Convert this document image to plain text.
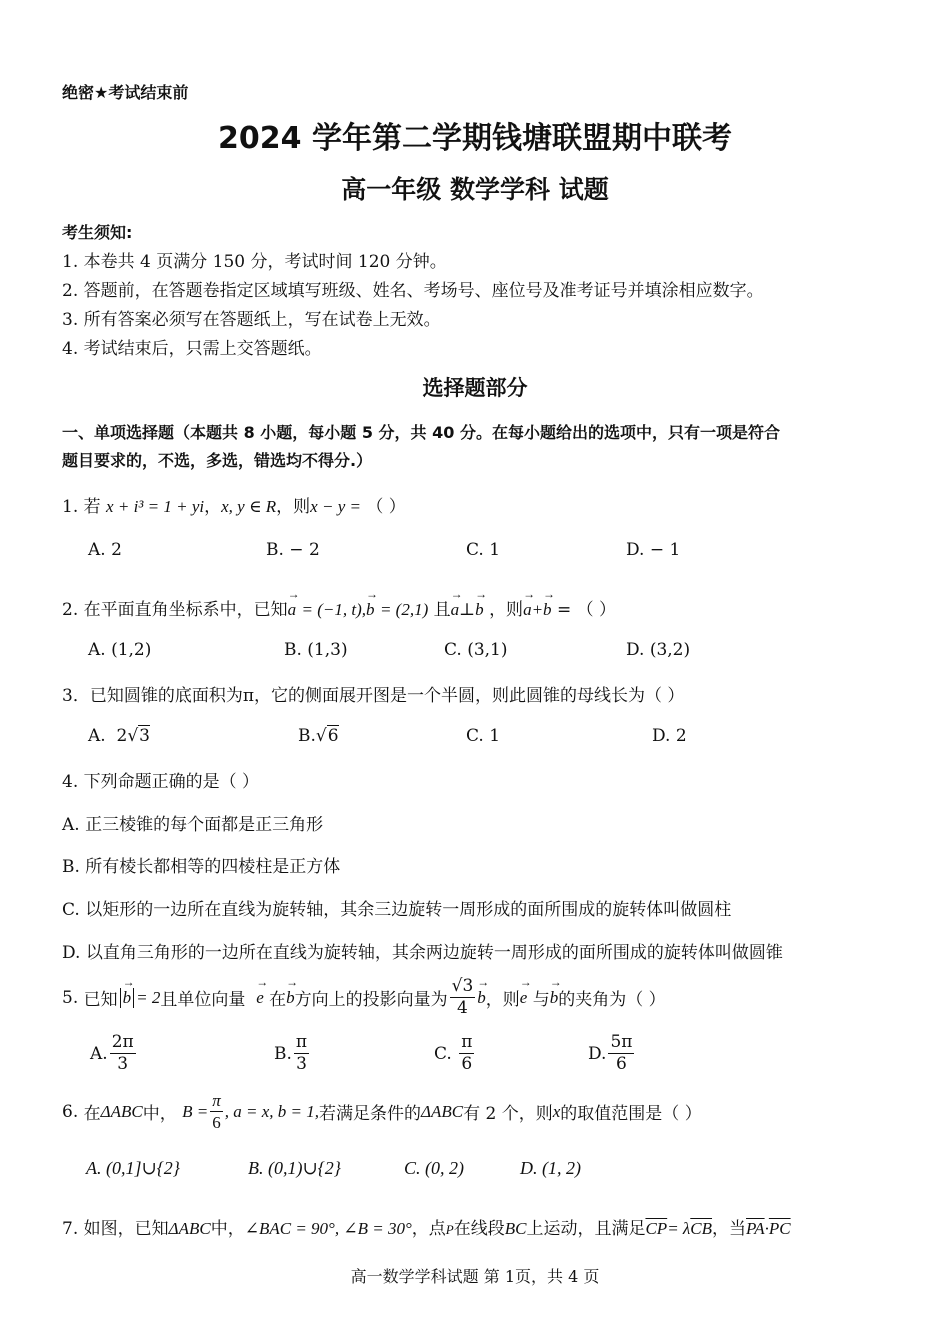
绝密★考试结束前
2024 学年第二学期钱塘联盟期中联考
高一年级 数学学科 试题
考生须知:
1. 本卷共 4 页满分 150 分，考试时间 120 分钟。
2. 答题前，在答题卷指定区域填写班级、姓名、考场号、座位号及准考证号并填涂相应数字。
3. 所有答案必须写在答题纸上，写在试卷上无效。
4. 考试结束后，只需上交答题纸。
选择题部分
一、单项选择题（本题共 8 小题，每小题 5 分，共 40 分。在每小题给出的选项中，只有一项是符合
题目要求的，不选，多选，错选均不得分.）
1. 若 x + i³ = 1 + yi，x, y ∈ R，则x − y = （ ）
A. 2	B. − 2	C. 1	D. − 1
2. 在平面直角坐标系中，已知→ a = (−1, t),→ b = (2,1) 且→ a⊥→ b ，则→ a+→ b = （ ）
A. (1,2)	B. (1,3)	C. (3,1)	D. (3,2)
3．已知圆锥的底面积为π，它的侧面展开图是一个半圆，则此圆锥的母线长为（ ）
A. 2√3	B.√6	C. 1	D. 2
4. 下列命题正确的是（ ）
A. 正三棱锥的每个面都是正三角形
B. 所有棱长都相等的四棱柱是正方体
C. 以矩形的一边所在直线为旋转轴，其余三边旋转一周形成的面所围成的旋转体叫做圆柱
D. 以直角三角形的一边所在直线为旋转轴，其余两边旋转一周形成的面所围成的旋转体叫做圆锥
5.
已知 → b = 2 且单位向量
→ e
在 → b 方向上的投影向量为 $\frac{√3}{4} \to b$ ，则 → e
与 → b 的夹角为（ ）
A. $\frac{2\pi}{3}$	B. $\frac{\pi}{3}$	C.
$\frac{\pi}{6}$	D. $\frac{5\pi}{6}$
6.
在 ΔABC 中，
$B = \frac{\pi}{6}$ , a = x, b = 1, 若满足条件的 ΔABC 有 2 个，则 x 的取值范围是（ ）
A. (0,1]∪{2}	B. (0,1)∪{2}	C. (0, 2)	D. (1, 2)
7. 如图，已知ΔABC中，∠BAC = 90°, ∠B = 30°，点P在线段BC上运动，且满足$\overline{CP}= \lambda\overline{CB}$，当$\overline{PA}\cdot\overline{PC}$
高一数学学科试题 第 1页，共 4 页
